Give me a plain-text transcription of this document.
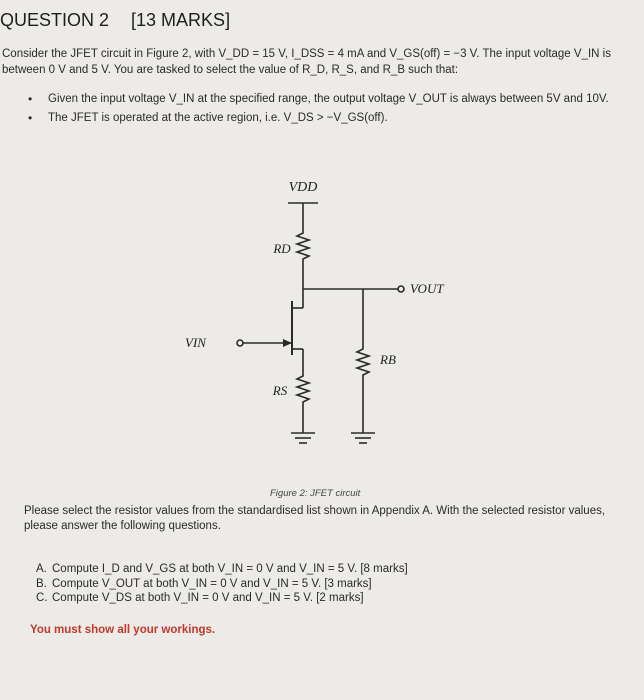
QUESTION 2 [13 MARKS]
Consider the JFET circuit in Figure 2, with V_DD = 15 V, I_DSS = 4 mA and V_GS(off) = −3 V. The input voltage V_IN is between 0 V and 5 V. You are tasked to select the value of R_D, R_S, and R_B such that:
• Given the input voltage V_IN at the specified range, the output voltage V_OUT is always between 5V and 10V.
• The JFET is operated at the active region, i.e. V_DS > −V_GS(off).
VDD
RD
VOUT
VIN
RS
RB
Figure 2: JFET circuit
Please select the resistor values from the standardised list shown in Appendix A. With the selected resistor values, please answer the following questions.
A. Compute I_D and V_GS at both V_IN = 0 V and V_IN = 5 V. [8 marks]
B. Compute V_OUT at both V_IN = 0 V and V_IN = 5 V. [3 marks]
C. Compute V_DS at both V_IN = 0 V and V_IN = 5 V. [2 marks]
You must show all your workings.
